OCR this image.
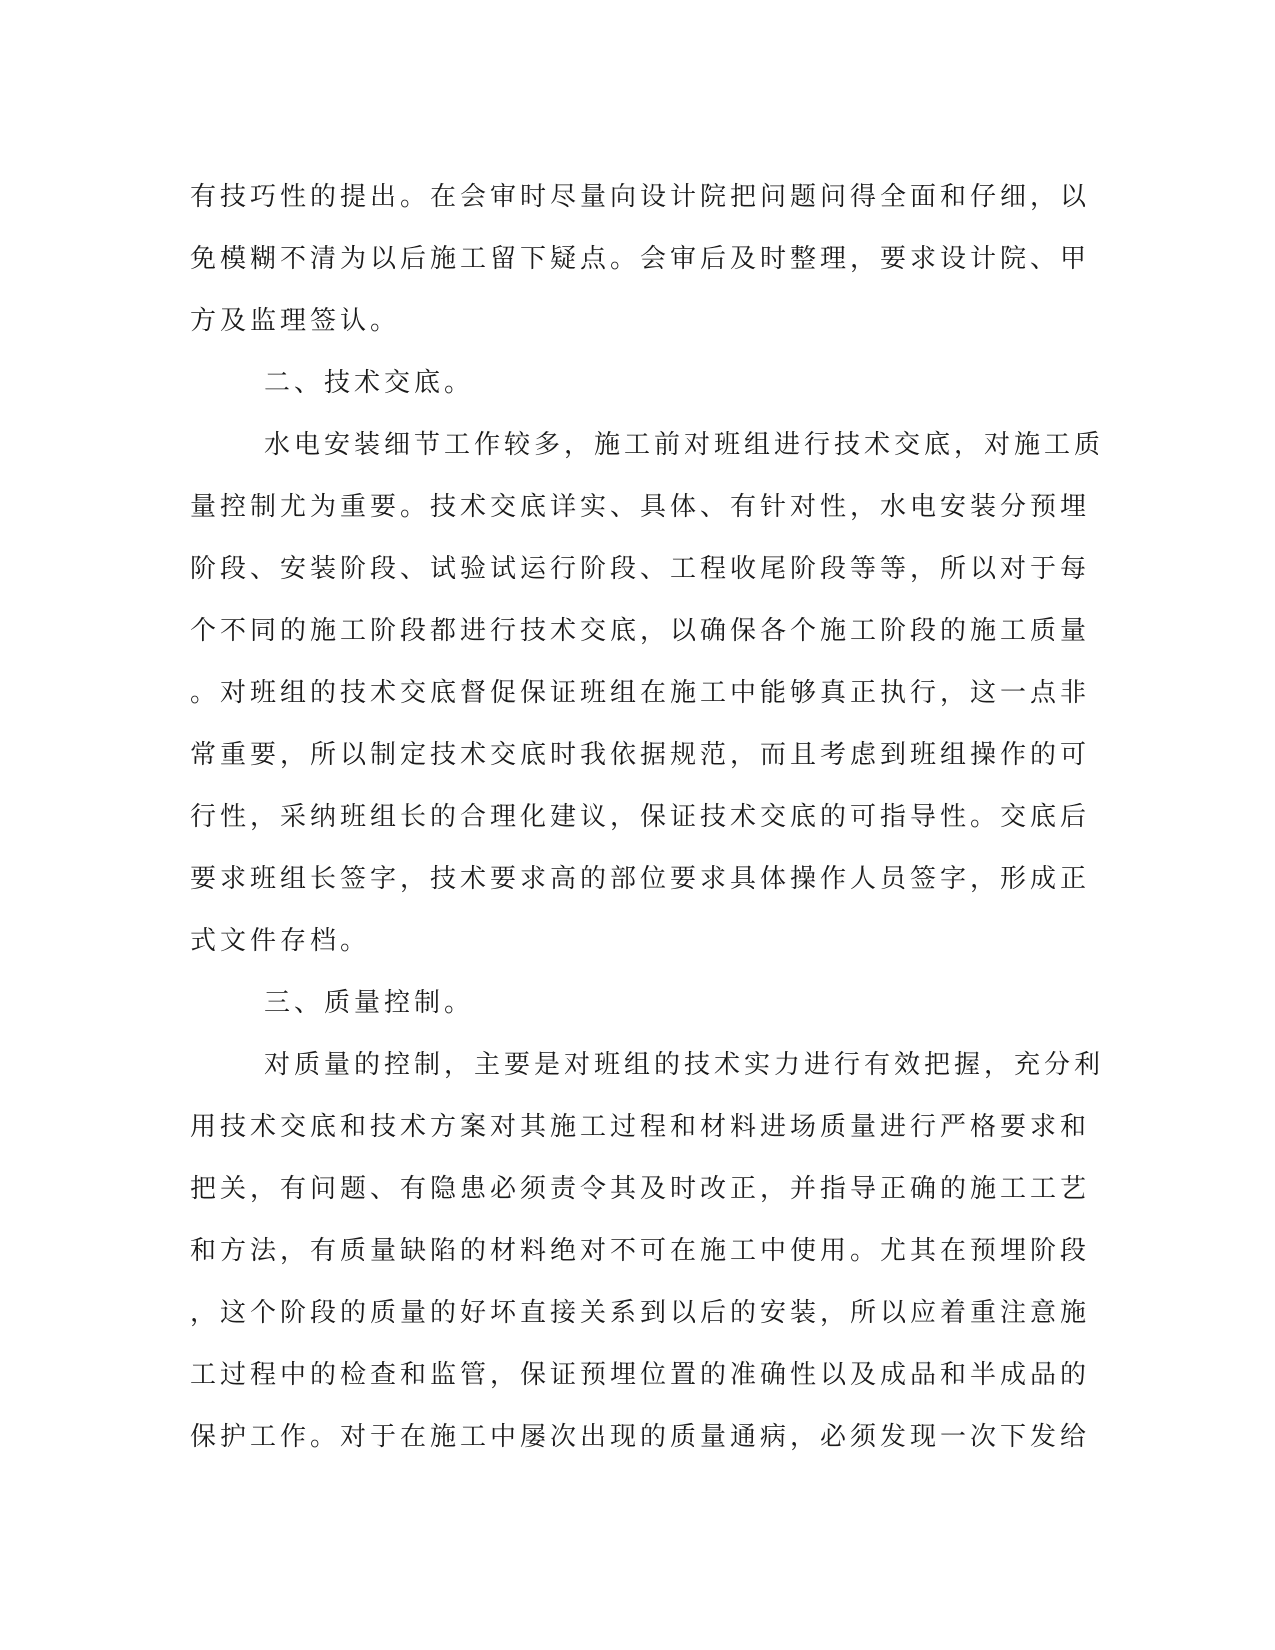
有技巧性的提出。在会审时尽量向设计院把问题问得全面和仔细，以
免模糊不清为以后施工留下疑点。会审后及时整理，要求设计院、甲
方及监理签认。
二、技术交底。
水电安装细节工作较多，施工前对班组进行技术交底，对施工质
量控制尤为重要。技术交底详实、具体、有针对性，水电安装分预埋
阶段、安装阶段、试验试运行阶段、工程收尾阶段等等，所以对于每
个不同的施工阶段都进行技术交底，以确保各个施工阶段的施工质量
。对班组的技术交底督促保证班组在施工中能够真正执行，这一点非
常重要，所以制定技术交底时我依据规范，而且考虑到班组操作的可
行性，采纳班组长的合理化建议，保证技术交底的可指导性。交底后
要求班组长签字，技术要求高的部位要求具体操作人员签字，形成正
式文件存档。
三、质量控制。
对质量的控制，主要是对班组的技术实力进行有效把握，充分利
用技术交底和技术方案对其施工过程和材料进场质量进行严格要求和
把关，有问题、有隐患必须责令其及时改正，并指导正确的施工工艺
和方法，有质量缺陷的材料绝对不可在施工中使用。尤其在预埋阶段
，这个阶段的质量的好坏直接关系到以后的安装，所以应着重注意施
工过程中的检查和监管，保证预埋位置的准确性以及成品和半成品的
保护工作。对于在施工中屡次出现的质量通病，必须发现一次下发给
